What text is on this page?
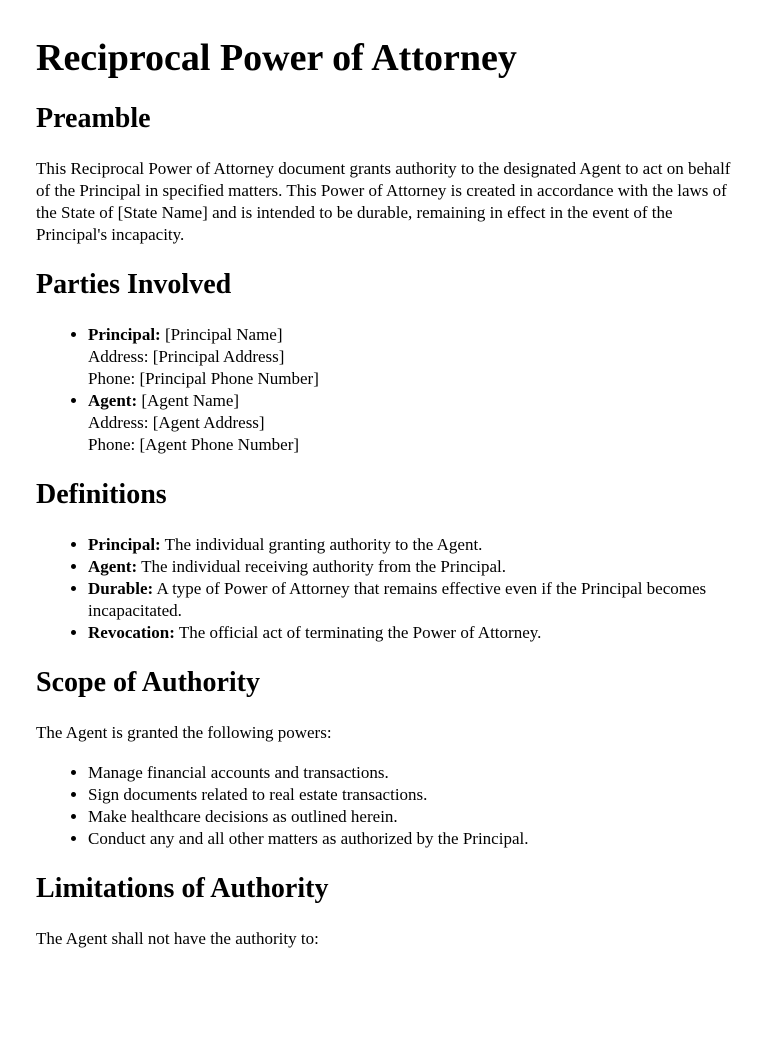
Reciprocal Power of Attorney
Preamble

This Reciprocal Power of Attorney document grants authority to the designated Agent to act on behalf of the Principal in specified matters. This Power of Attorney is created in accordance with the laws of the State of [State Name] and is intended to be durable, remaining in effect in the event of the Principal's incapacity.

Parties Involved
• Principal: [Principal Name]
Address: [Principal Address]
Phone: [Principal Phone Number]
• Agent: [Agent Name]
Address: [Agent Address]
Phone: [Agent Phone Number]
Definitions
• Principal: The individual granting authority to the Agent.
• Agent: The individual receiving authority from the Principal.
• Durable: A type of Power of Attorney that remains effective even if the Principal becomes incapacitated.
• Revocation: The official act of terminating the Power of Attorney.
Scope of Authority

The Agent is granted the following powers:

• Manage financial accounts and transactions.
• Sign documents related to real estate transactions.
• Make healthcare decisions as outlined herein.
• Conduct any and all other matters as authorized by the Principal.
Limitations of Authority

The Agent shall not have the authority to:
